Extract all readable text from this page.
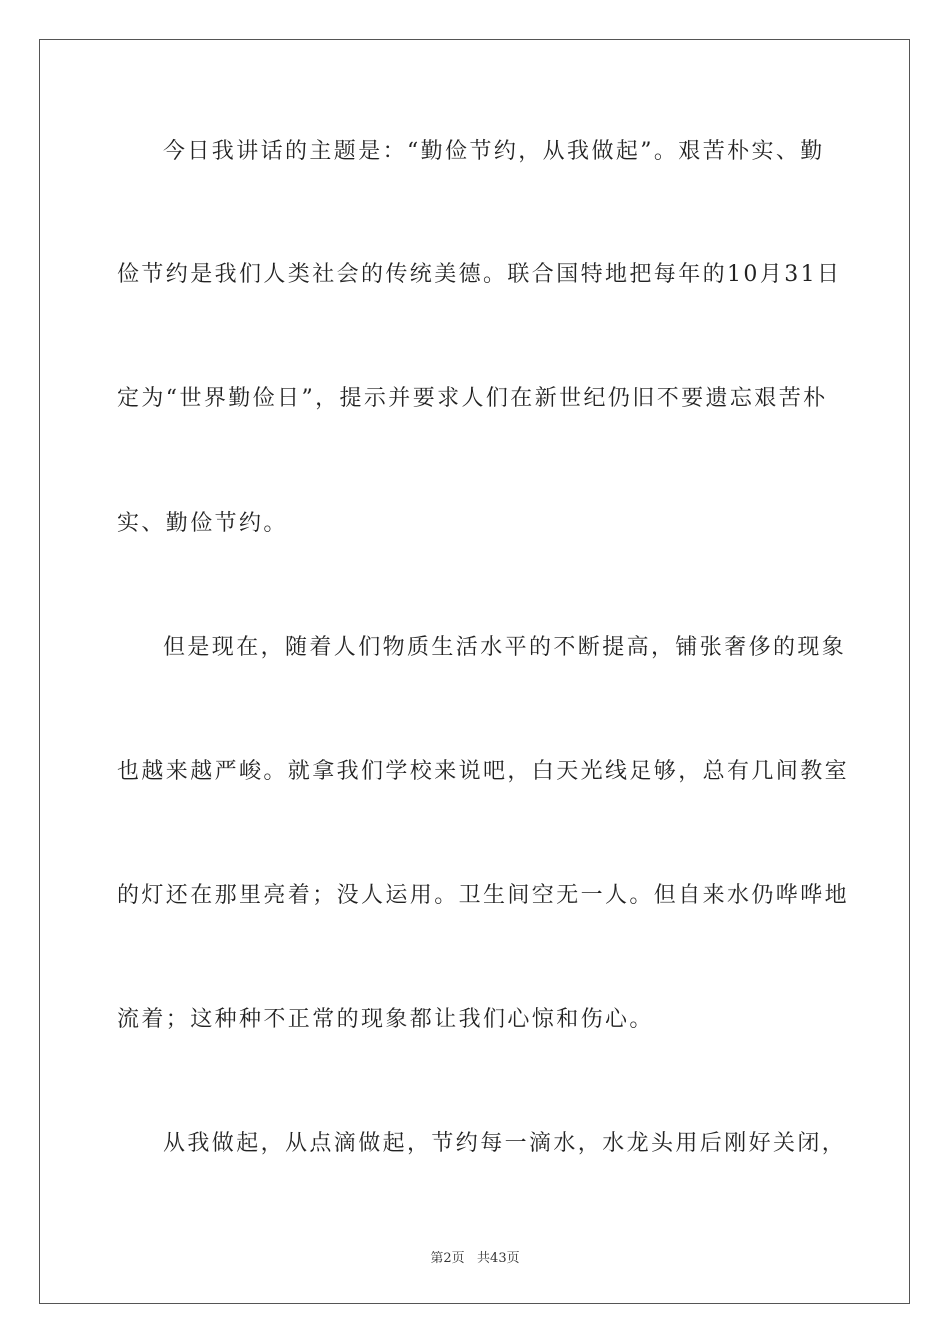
今日我讲话的主题是：“勤俭节约，从我做起”。艰苦朴实、勤
俭节约是我们人类社会的传统美德。联合国特地把每年的10月31日
定为“世界勤俭日”，提示并要求人们在新世纪仍旧不要遗忘艰苦朴
实、勤俭节约。
但是现在，随着人们物质生活水平的不断提高，铺张奢侈的现象
也越来越严峻。就拿我们学校来说吧，白天光线足够，总有几间教室
的灯还在那里亮着；没人运用。卫生间空无一人。但自来水仍哗哗地
流着；这种种不正常的现象都让我们心惊和伤心。
从我做起，从点滴做起，节约每一滴水，水龙头用后刚好关闭，
第2页   共43页
